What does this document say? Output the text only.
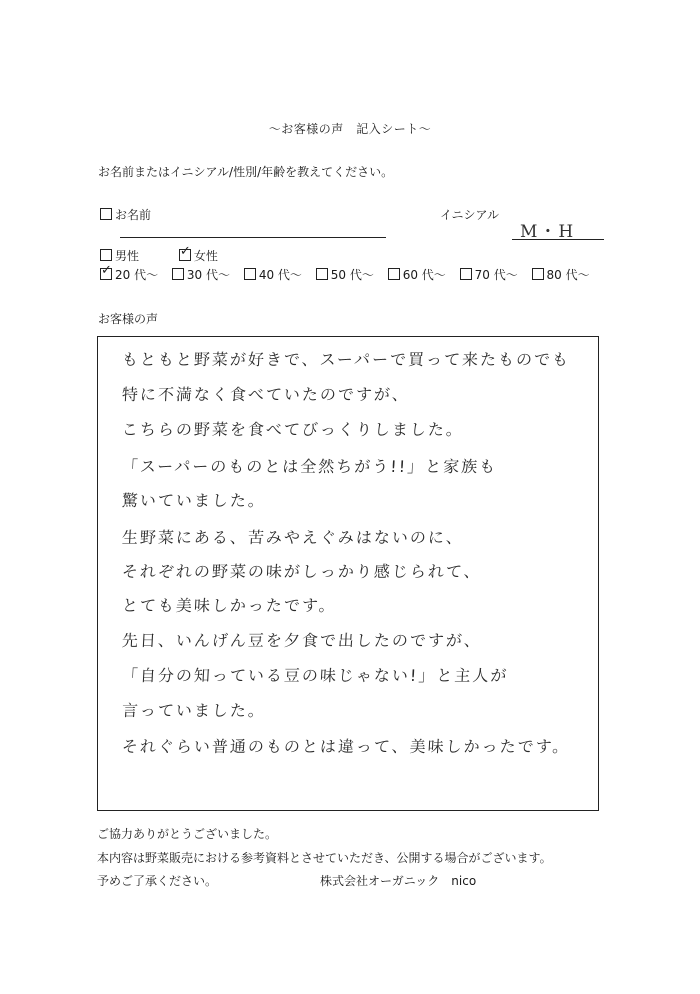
〜お客様の声　記入シート〜
お名前またはイニシアル/性別/年齢を教えてください。
お名前	イニシアル
M・H
男性 ✓	女性
✓20 代〜 30 代〜 40 代〜 50 代〜 60 代〜 70 代〜 80 代〜
お客様の声
もともと野菜が好きで、スーパーで買って来たものでも
特に不満なく食べていたのですが、
こちらの野菜を食べてびっくりしました。
「スーパーのものとは全然ちがう!!」と家族も
驚いていました。
生野菜にある、苦みやえぐみはないのに、
それぞれの野菜の味がしっかり感じられて、
とても美味しかったです。
先日、いんげん豆を夕食で出したのですが、
「自分の知っている豆の味じゃない!」と主人が
言っていました。
それぐらい普通のものとは違って、美味しかったです。
ご協力ありがとうございました。
本内容は野菜販売における参考資料とさせていただき、公開する場合がございます。
予めご了承ください。	株式会社オーガニック　nico
